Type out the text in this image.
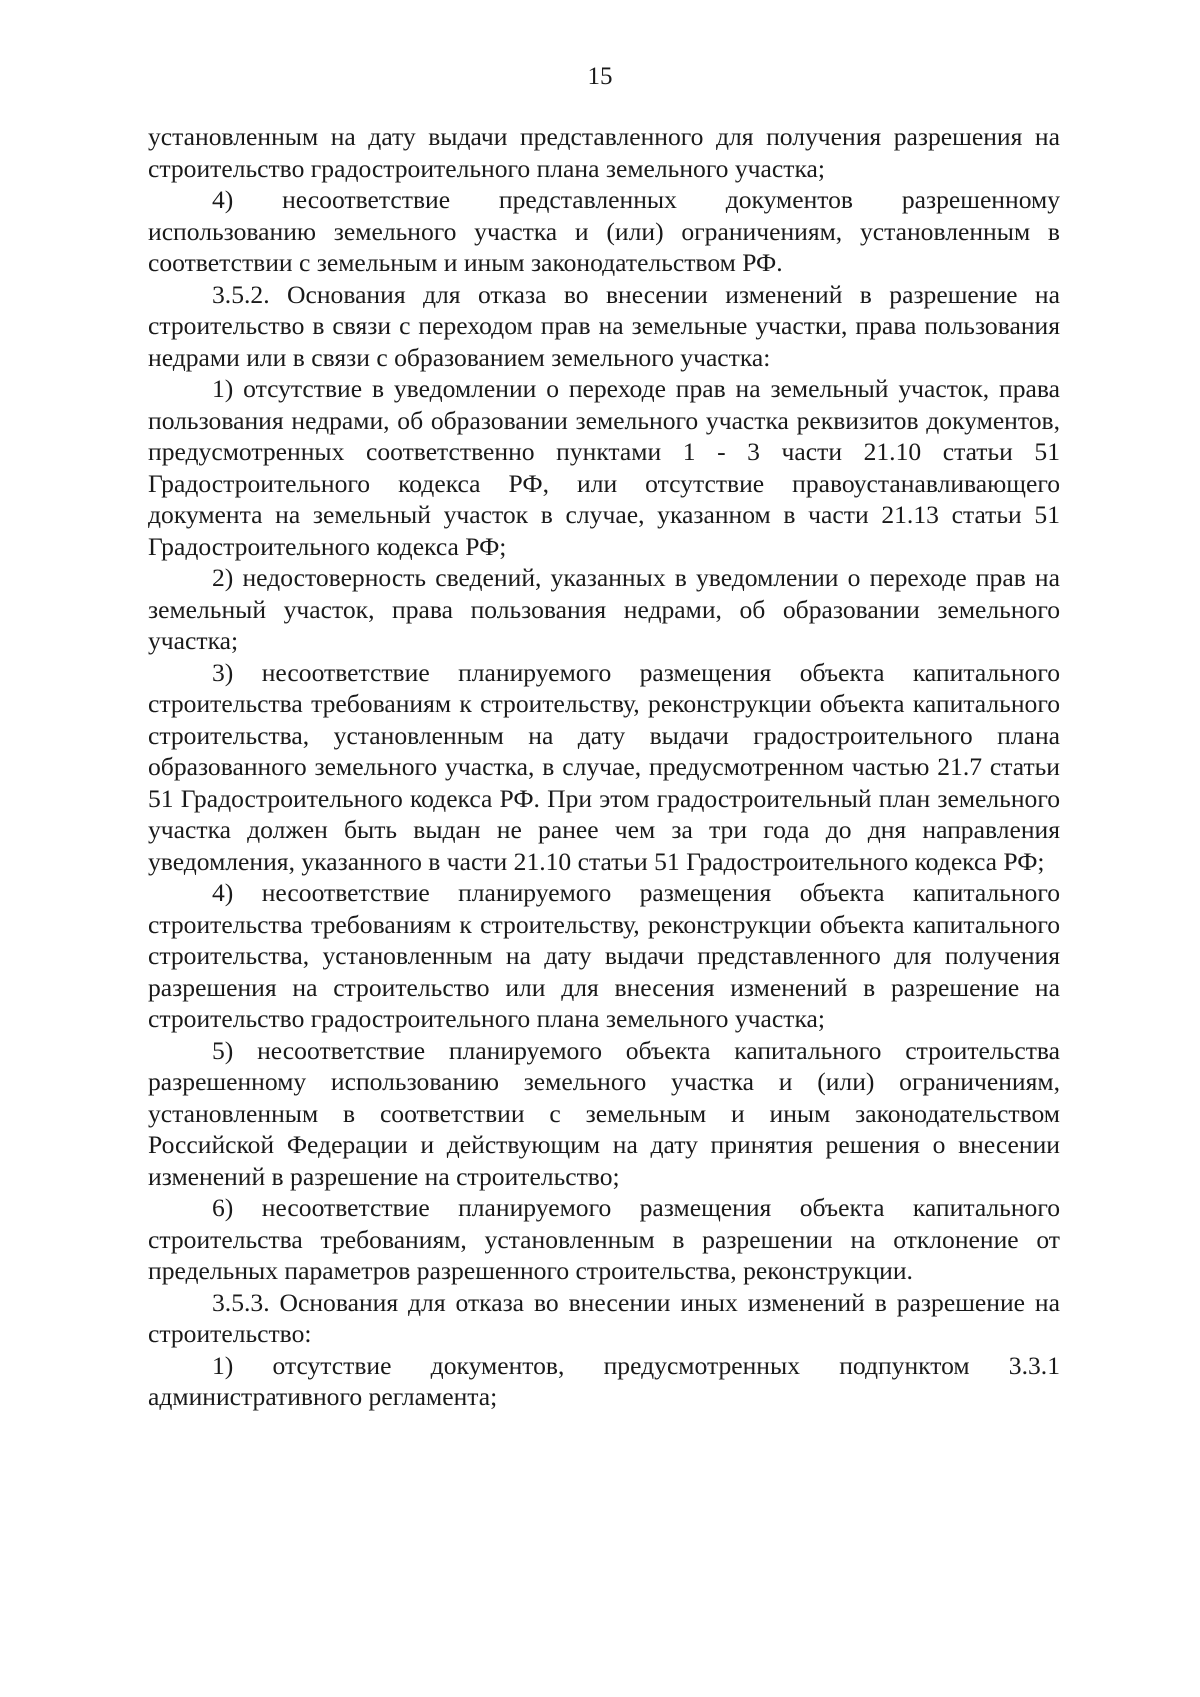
15

установленным на дату выдачи представленного для получения разрешения на строительство градостроительного плана земельного участка;

4) несоответствие представленных документов разрешенному использованию земельного участка и (или) ограничениям, установленным в соответствии с земельным и иным законодательством РФ.

3.5.2. Основания для отказа во внесении изменений в разрешение на строительство в связи с переходом прав на земельные участки, права пользования недрами или в связи с образованием земельного участка:

1) отсутствие в уведомлении о переходе прав на земельный участок, права пользования недрами, об образовании земельного участка реквизитов документов, предусмотренных соответственно пунктами 1 - 3 части 21.10 статьи 51 Градостроительного кодекса РФ, или отсутствие правоустанавливающего документа на земельный участок в случае, указанном в части 21.13 статьи 51 Градостроительного кодекса РФ;

2) недостоверность сведений, указанных в уведомлении о переходе прав на земельный участок, права пользования недрами, об образовании земельного участка;

3) несоответствие планируемого размещения объекта капитального строительства требованиям к строительству, реконструкции объекта капитального строительства, установленным на дату выдачи градостроительного плана образованного земельного участка, в случае, предусмотренном частью 21.7 статьи 51 Градостроительного кодекса РФ. При этом градостроительный план земельного участка должен быть выдан не ранее чем за три года до дня направления уведомления, указанного в части 21.10 статьи 51 Градостроительного кодекса РФ;

4) несоответствие планируемого размещения объекта капитального строительства требованиям к строительству, реконструкции объекта капитального строительства, установленным на дату выдачи представленного для получения разрешения на строительство или для внесения изменений в разрешение на строительство градостроительного плана земельного участка;

5) несоответствие планируемого объекта капитального строительства разрешенному использованию земельного участка и (или) ограничениям, установленным в соответствии с земельным и иным законодательством Российской Федерации и действующим на дату принятия решения о внесении изменений в разрешение на строительство;

6) несоответствие планируемого размещения объекта капитального строительства требованиям, установленным в разрешении на отклонение от предельных параметров разрешенного строительства, реконструкции.

3.5.3. Основания для отказа во внесении иных изменений в разрешение на строительство:

1) отсутствие документов, предусмотренных подпунктом 3.3.1 административного регламента;
